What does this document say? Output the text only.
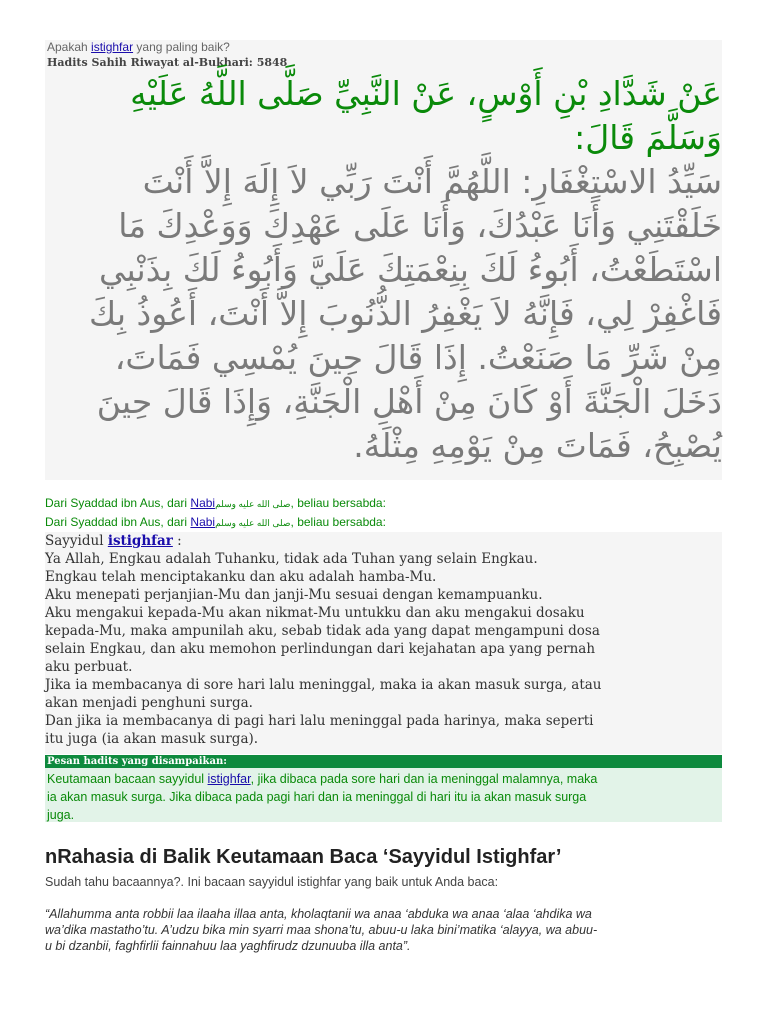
Apakah istighfar yang paling baik?
Hadits Sahih Riwayat al-Bukhari: 5848
عَنْ شَدَّادِ بْنِ أَوْسٍ، عَنْ النَّبِيِّ صَلَّى اللَّهُ عَلَيْهِ
وَسَلَّمَ قَالَ:
سَيِّدُ الاسْتِغْفَارِ: اللَّهُمَّ أَنْتَ رَبِّي لاَ إِلَهَ إِلاَّ أَنْتَ
خَلَقْتَنِي وَأَنَا عَبْدُكَ، وَأَنَا عَلَى عَهْدِكَ وَوَعْدِكَ مَا
اسْتَطَعْتُ، أَبُوءُ لَكَ بِنِعْمَتِكَ عَلَيَّ وَأَبُوءُ لَكَ بِذَنْبِي
فَاغْفِرْ لِي، فَإِنَّهُ لاَ يَغْفِرُ الذُّنُوبَ إِلاَّ أَنْتَ، أَعُوذُ بِكَ
مِنْ شَرِّ مَا صَنَعْتُ. إِذَا قَالَ حِينَ يُمْسِي فَمَاتَ،
دَخَلَ الْجَنَّةَ أَوْ كَانَ مِنْ أَهْلِ الْجَنَّةِ، وَإِذَا قَالَ حِينَ
يُصْبِحُ، فَمَاتَ مِنْ يَوْمِهِ مِثْلَهُ.
Dari Syaddad ibn Aus, dari Nabiصلى الله عليه وسلم, beliau bersabda:
Dari Syaddad ibn Aus, dari Nabiصلى الله عليه وسلم, beliau bersabda:
Sayyidul istighfar :
Ya Allah, Engkau adalah Tuhanku, tidak ada Tuhan yang selain Engkau.
Engkau telah menciptakanku dan aku adalah hamba-Mu.
Aku menepati perjanjian-Mu dan janji-Mu sesuai dengan kemampuanku.
Aku mengakui kepada-Mu akan nikmat-Mu untukku dan aku mengakui dosaku
kepada-Mu, maka ampunilah aku, sebab tidak ada yang dapat mengampuni dosa
selain Engkau, dan aku memohon perlindungan dari kejahatan apa yang pernah
aku perbuat.
Jika ia membacanya di sore hari lalu meninggal, maka ia akan masuk surga, atau
akan menjadi penghuni surga.
Dan jika ia membacanya di pagi hari lalu meninggal pada harinya, maka seperti
itu juga (ia akan masuk surga).
Pesan hadits yang disampaikan:
Keutamaan bacaan sayyidul istighfar, jika dibaca pada sore hari dan ia meninggal malamnya, maka
ia akan masuk surga. Jika dibaca pada pagi hari dan ia meninggal di hari itu ia akan masuk surga
juga.
nRahasia di Balik Keutamaan Baca ‘Sayyidul Istighfar’
Sudah tahu bacaannya?. Ini bacaan sayyidul istighfar yang baik untuk Anda baca:
“Allahumma anta robbii laa ilaaha illaa anta, kholaqtanii wa anaa ‘abduka wa anaa ‘alaa ‘ahdika wa
wa’dika mastatho’tu. A’udzu bika min syarri maa shona’tu, abuu-u laka bini’matika ‘alayya, wa abuu-
u bi dzanbii, faghfirlii fainnahuu laa yaghfirudz dzunuuba illa anta”.
